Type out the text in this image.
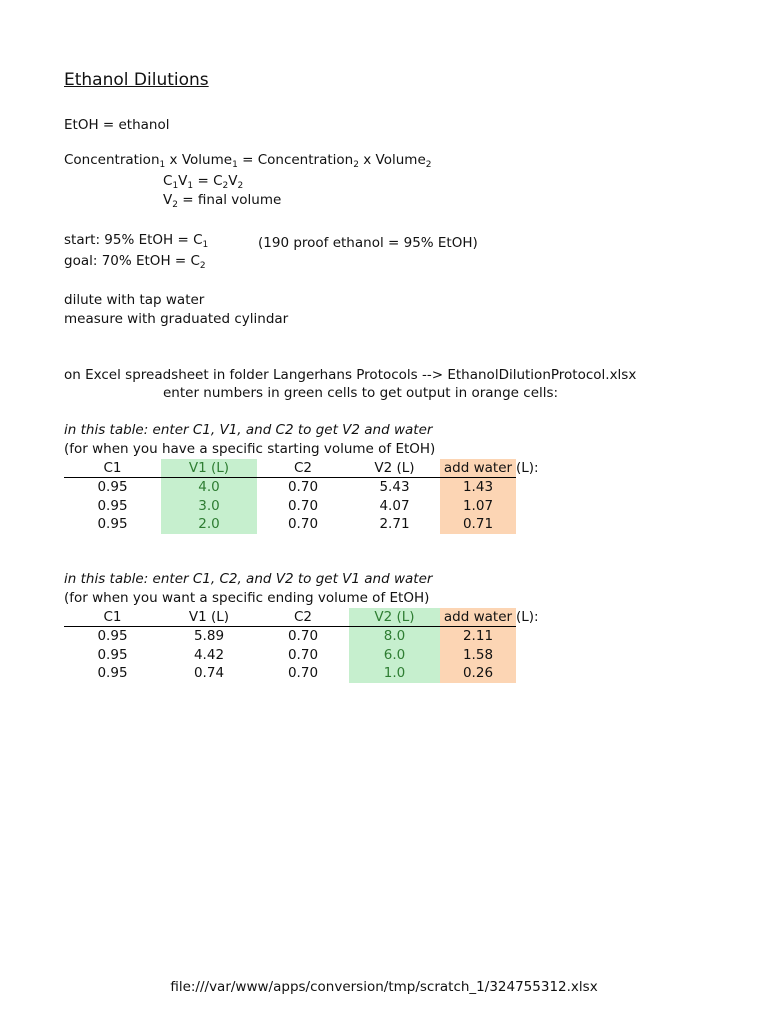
Ethanol Dilutions
EtOH = ethanol
Concentration$_1$ x Volume$_1$ = Concentration$_2$ x Volume$_2$
$C_1V_1 = C_2V_2$
$V_2$ = final volume
start: 95% EtOH = $C_1$	(190 proof ethanol = 95% EtOH)
goal: 70% EtOH = $C_2$
dilute with tap water
measure with graduated cylindar
on Excel spreadsheet in folder Langerhans Protocols --> EthanolDilutionProtocol.xlsx
enter numbers in green cells to get output in orange cells:
in this table: enter C1, V1, and C2 to get V2 and water
(for when you have a specific starting volume of EtOH)
C1	V1 (L)	C2	V2 (L)	add water (L):
0.95	4.0	0.70	5.43	1.43
0.95	3.0	0.70	4.07	1.07
0.95	2.0	0.70	2.71	0.71
in this table: enter C1, C2, and V2 to get V1 and water
(for when you want a specific ending volume of EtOH)
C1	V1 (L)	C2	V2 (L)	add water (L):
0.95	5.89	0.70	8.0	2.11
0.95	4.42	0.70	6.0	1.58
0.95	0.74	0.70	1.0	0.26
file:///var/www/apps/conversion/tmp/scratch_1/324755312.xlsx
